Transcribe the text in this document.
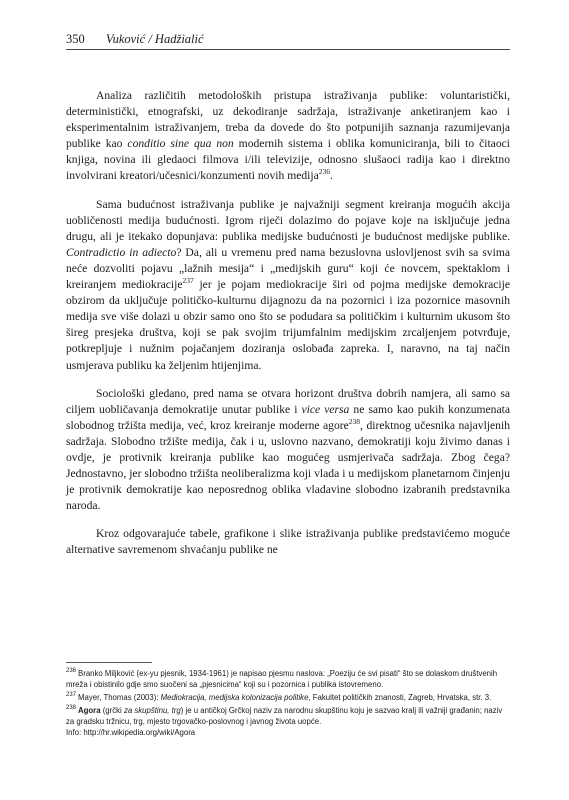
350 Vuković / Hadžialić

Analiza različitih metodoloških pristupa istraživanja publike: voluntaristički, deterministički, etnografski, uz dekodiranje sadržaja, istraživanje anketiranjem kao i eksperimentalnim istraživanjem, treba da dovede do što potpunijih saznanja razumijevanja publike kao conditio sine qua non modernih sistema i oblika komuniciranja, bili to čitaoci knjiga, novina ili gledaoci filmova i/ili televizije, odnosno slušaoci radija kao i direktno involvirani kreatori/učesnici/konzumenti novih medija$^{236}$.

Sama budućnost istraživanja publike je najvažniji segment kreiranja mogućih akcija uobličenosti medija budućnosti. Igrom riječi dolazimo do pojave koje na isključuje jedna drugu, ali je itekako dopunjava: publika medijske budućnosti je budućnost medijske publike. Contradictio in adiecto? Da, ali u vremenu pred nama bezuslovna uslovljenost svih sa svima neće dozvoliti pojavu „lažnih mesija“ i „medijskih guru“ koji će novcem, spektaklom i kreiranjem mediokracije$^{237}$ jer je pojam mediokracije širi od pojma medijske demokracije obzirom da uključuje političko-kulturnu dijagnozu da na pozornici i iza pozornice masovnih medija sve više dolazi u obzir samo ono što se podudara sa političkim i kulturnim ukusom što šireg presjeka društva, koji se pak svojim trijumfalnim medijskim zrcaljenjem potvrđuje, potkrepljuje i nužnim pojačanjem doziranja oslobađa zapreka. I, naravno, na taj način usmjerava publiku ka željenim htijenjima.

Sociološki gledano, pred nama se otvara horizont društva dobrih namjera, ali samo sa ciljem uobličavanja demokratije unutar publike i vice versa ne samo kao pukih konzumenata slobodnog tržišta medija, već, kroz kreiranje moderne agore$^{238}$, direktnog učesnika najavljenih sadržaja. Slobodno tržište medija, čak i u, uslovno nazvano, demokratiji koju živimo danas i ovdje, je protivnik kreiranja publike kao mogućeg usmjerivača sadržaja. Zbog čega? Jednostavno, jer slobodno tržišta neoliberalizma koji vlada i u medijskom planetarnom činjenju je protivnik demokratije kao neposrednog oblika vladavine slobodno izabranih predstavnika naroda.

Kroz odgovarajuće tabele, grafikone i slike istraživanja publike predstavićemo moguće alternative savremenom shvaćanju publike ne

$^{236}$ Branko Miljković (ex-yu pjesnik, 1934-1961) je napisao pjesmu naslova: „Poeziju će svi pisati“ što se dolaskom društvenih mreža i obistinilo gdje smo suočeni sa „pjesnicima“ koji su i pozornica i publika istovremeno.
$^{237}$ Mayer, Thomas (2003): Mediokracija, medijska kolonizacija politike, Fakultet političkih znanosti, Zagreb, Hrvatska, str. 3.
$^{238}$ Agora (grčki za skupštinu, trg) je u antičkoj Grčkoj naziv za narodnu skupštinu koju je sazvao kralj ili važniji građanin; naziv za gradsku tržnicu, trg, mjesto trgovačko-poslovnog i javnog života uopće.
Info: http://hr.wikipedia.org/wiki/Agora
